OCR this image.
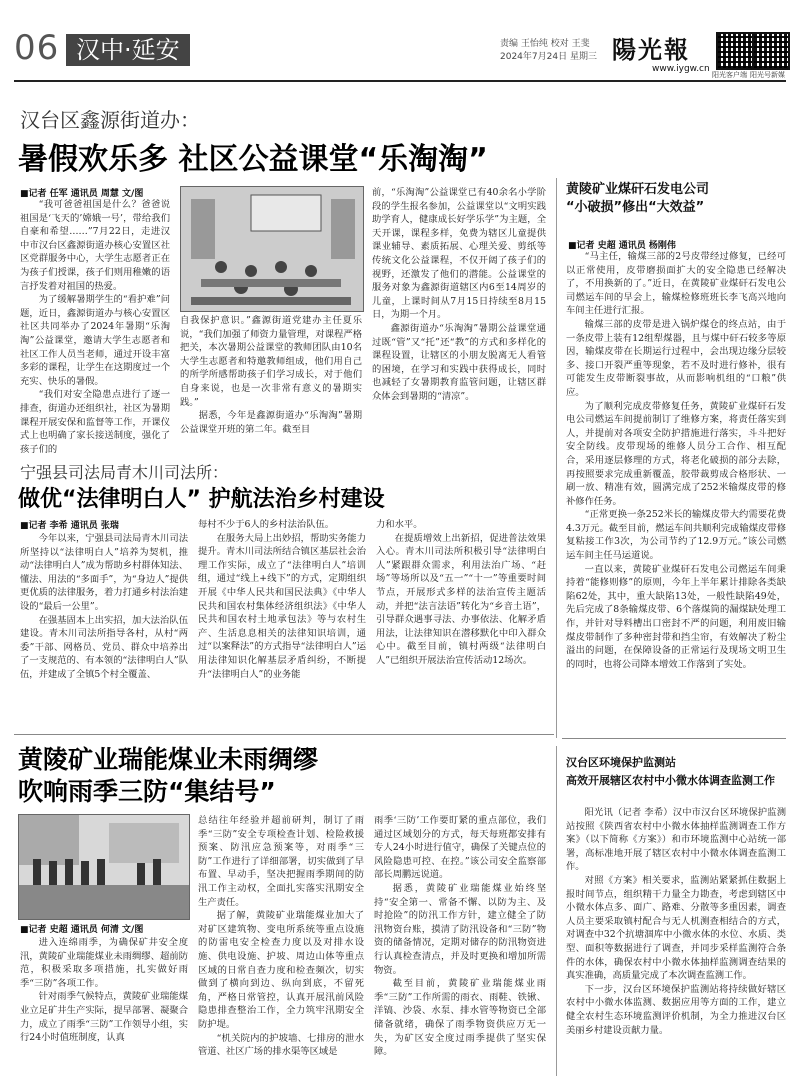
06 汉中·延安	责编 王怡纯 校对 王斐
2024年7月24日 星期三 陽光報
www.iygw.cn
阳光客户端 阳光号新媒
汉台区鑫源街道办：
暑假欢乐多 社区公益课堂“乐淘淘”
■记者 任军 通讯员 周慧 文/图

“我可爸爸祖国是什么？爸爸说祖国是‘飞天的’嫦娥一号’，带给我们自豪和希望……”7月22日，走进汉中市汉台区鑫源街道办核心安置区社区党群服务中心，大学生志愿者正在为孩子们授课，孩子们则用稚嫩的语言抒发着对祖国的热爱。

为了缓解暑期学生的“看护难”问题，近日，鑫源街道办与核心安置区社区共同举办了2024年暑期“乐淘淘”公益课堂，邀请大学生志愿者和社区工作人员当老师，通过开设丰富多彩的课程，让学生在这期度过一个充实、快乐的暑假。

“我们对安全隐患点进行了逐一排查，街道办还组织社，社区为暑期课程开展安保和监督等工作，开课仪式上也明确了家长接送制度，强化了孩子们的

自我保护意识。”鑫源街道党建办主任夏乐说，“我们加强了师资力量管理，对课程严格把关，本次暑期公益课堂的教师团队由10名大学生志愿者和特邀教师组成，他们用自己的所学所感帮助孩子们学习成长，对于他们自身来说，也是一次非常有意义的暑期实践。”

据悉，今年是鑫源街道办“乐淘淘”暑期公益课堂开班的第二年。截至目

前，“乐淘淘”公益课堂已有40余名小学阶段的学生报名参加，公益课堂以“文明实践助学育人，健康成长好学乐学”为主题，全天开课，课程多样，免费为辖区儿童提供课业辅导、素质拓展、心理关爱、剪纸等传统文化公益课程，不仅开阔了孩子们的视野，还激发了他们的潜能。公益课堂的服务对象为鑫源街道辖区内6至14周岁的儿童，上课时间从7月15日持续至8月15日，为期一个月。

鑫源街道办“乐淘淘”暑期公益课堂通过既“管”又“托”还“教”的方式和多样化的课程设置，让辖区的小朋友脱离无人看管的困境，在学习和实践中获得成长，同时也减轻了女暑期教育监管问题，让辖区群众体会到暑期的“清凉”。

宁强县司法局青木川司法所：
做优“法律明白人” 护航法治乡村建设
■记者 李希 通讯员 张瑞

今年以来，宁强县司法局青木川司法所坚持以“法律明白人”培养为契机，推动“法律明白人”成为帮助乡村群体知法、懂法、用法的“多面手”，为“身边人”提供更优质的法律服务，着力打通乡村法治建设的“最后一公里”。

在强基固本上出实招，加大法治队伍建设。青木川司法所指导各村，从村“两委”干部、网格员、党员、群众中培养出了一支规范的、有本领的“法律明白人”队伍，并建成了全镇5个村全覆盖、

每村不少于6人的乡村法治队伍。

在服务大局上出妙招，帮助实务能力提升。青木川司法所结合镇区基层社会治理工作实际，成立了“法律明白人”培训组，通过“线上+线下”的方式，定期组织开展《中华人民共和国民法典》《中华人民共和国农村集体经济组织法》《中华人民共和国农村土地承包法》等与农村生产、生活息息相关的法律知识培训，通过“以案释法”的方式指导“法律明白人”运用法律知识化解基层矛盾纠纷，不断提升“法律明白人”的业务能

力和水平。

在提质增效上出新招，促进普法效果入心。青木川司法所积极引导“法律明白人”紧跟群众需求，利用法治广场、“赶场”等场所以及“五一”“十一”等重要时间节点，开展形式多样的法治宣传主题活动，并把“法言法语”转化为“乡音土语”，引导群众遇事寻法、办事依法、化解矛盾用法，让法律知识在潜移默化中印入群众心中。截至目前，镇村两级“法律明白人”已组织开展法治宣传活动12场次。

黄陵矿业瑞能煤业未雨绸缪
吹响雨季三防“集结号”
■记者 史超 通讯员 何清 文/图

进入连绵雨季，为确保矿井安全度汛，黄陵矿业瑞能煤业未雨绸缪、超前防范，积极采取多项措施，扎实做好雨季“三防”各项工作。

针对雨季气候特点，黄陵矿业瑞能煤业立足矿井生产实际，提早部署、凝聚合力，成立了雨季“三防”工作领导小组，实行24小时值班制度，认真

总结往年经验并超前研判，制订了雨季“三防”安全专项检查计划、检险救援预案、防汛应急预案等，对雨季“三防”工作进行了详细部署，切实做到了早布置、早动手，坚决把握雨季期间的防汛工作主动权，全面扎实落实汛期安全生产责任。

据了解，黄陵矿业瑞能煤业加大了对矿区建筑物、变电所系统等重点设施的防雷电安全检查力度以及对排水设施、供电设施、护坡、周边山体等重点区域的日常自查力度和检查频次，切实做到了横向到边、纵向到底，不留死角，严格日常管控，认真开展汛前风险隐患排查整治工作，全力筑牢汛期安全防护堤。

“机关院内的护坡墙、七排房的泄水管道、社区广场的排水渠等区域是

雨季‘三防’工作要盯紧的重点部位，我们通过区域划分的方式，每天每班都安排有专人24小时进行值守，确保了关键点位的风险隐患可控、在控。”该公司安全监察部部长周鹏远说道。

据悉，黄陵矿业瑞能煤业始终坚持“安全第一、常备不懈、以防为主、及时抢险”的防汛工作方针，建立健全了防汛物资台账，摸清了防汛设备和“三防”物资的储备情况，定期对储存的防汛物资进行认真检查清点，并及时更换和增加所需物资。

截至目前，黄陵矿业瑞能煤业雨季“三防”工作所需的雨衣、雨鞋、铁锹、洋镐、沙袋、水泵、排水管等物资已全部储备就绪，确保了雨季物资供应万无一失，为矿区安全度过雨季提供了坚实保障。

黄陵矿业煤矸石发电公司
“小破损”修出“大效益”
■记者 史超 通讯员 杨刚伟

“马主任，输煤三部的2号皮带经过修复，已经可以正常使用，皮带磨损面扩大的安全隐患已经解决了，不用换新的了。”近日，在黄陵矿业煤矸石发电公司燃运车间的早会上，输煤检修班班长李飞高兴地向车间主任进行汇报。

输煤三部的皮带是进入锅炉煤仓的终点站，由于一条皮带上装有12组犁煤器，且与煤中矸石较多等原因，输煤皮带在长期运行过程中，会出现边缘分层较多、接口开裂严重等现象，若不及时进行修补，很有可能发生皮带断裂事故，从而影响机组的“口粮”供应。

为了顺利完成皮带修复任务，黄陵矿业煤矸石发电公司燃运车间提前制订了维修方案，将责任落实到人，并提前对各项安全防护措施进行落实，斗斗把好安全防线。皮带现场的维修人员分工合作、相互配合，采用逐层修理的方式，将老化破损的部分去除，再按照要求完成重新覆盖，胶带裁剪成合格形状、一刷一放、精准有效，圆满完成了252米输煤皮带的修补修作任务。

“正常更换一条252米长的输煤皮带大约需要花费4.3万元。截至目前，燃运车间共顺利完成输煤皮带修复粘接工作3次，为公司节约了12.9万元。”该公司燃运车间主任马运道说。

一直以来，黄陵矿业煤矸石发电公司燃运车间秉持着“能修则修”的原则，今年上半年累计排除各类缺陷62处，其中，重大缺陷13处，一般性缺陷49处，先后完成了8条输煤皮带、6个落煤筒的漏煤缺处理工作，并针对导料槽出口密封不严的问题，利用废旧输煤皮带制作了多种密封带和挡尘帘，有效解决了粉尘溢出的问题，在保障设备的正常运行及现场文明卫生的同时，也将公司降本增效工作落到了实处。

汉台区环境保护监测站
高效开展辖区农村中小微水体调查监测工作

阳光讯（记者 李希）汉中市汉台区环境保护监测站按照《陕西省农村中小微水体抽样监测调查工作方案》（以下简称《方案》）和市环境监测中心站统一部署，高标准地开展了辖区农村中小微水体调查监测工作。

对照《方案》相关要求，监测站紧紧抓住数据上报时间节点，组织精干力量全力勘查，考虑到辖区中小微水体点多、面广、路难、分散等多重因素，调查人员主要采取镇村配合与无人机测查相结合的方式，对调查中32个抗塘涸库中小微水体的水位、水质、类型、面积等数据进行了调查，并同步采样监测符合条件的水体，确保农村中小微水体抽样监测调查结果的真实准确，高质量完成了本次调查监测工作。

下一步，汉台区环境保护监测站将持续做好辖区农村中小微水体监测、数据应用等方面的工作，建立健全农村生态环境监测评价机制，为全力推进汉台区美丽乡村建设贡献力量。
